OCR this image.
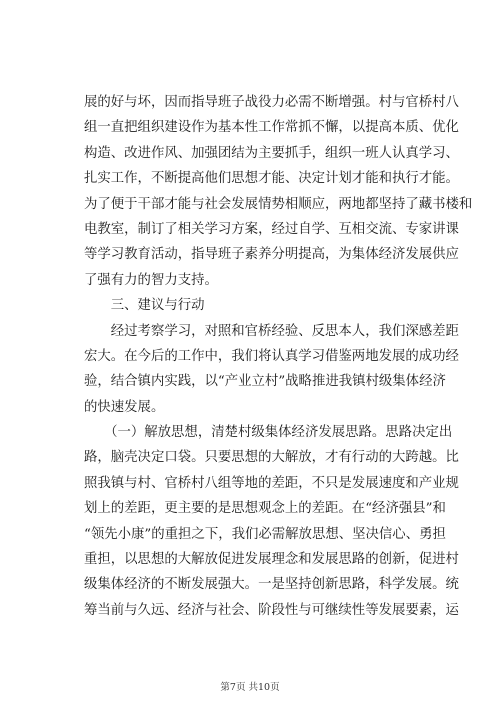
展的好与坏，因而指导班子战役力必需不断增强。村与官桥村八
组一直把组织建设作为基本性工作常抓不懈，以提高本质、优化
构造、改进作风、加强团结为主要抓手，组织一班人认真学习、
扎实工作，不断提高他们思想才能、决定计划才能和执行才能。
为了便于干部才能与社会发展情势相顺应，两地都坚持了藏书楼和
电教室，制订了相关学习方案，经过自学、互相交流、专家讲课
等学习教育活动，指导班子素养分明提高，为集体经济发展供应
了强有力的智力支持。
　　三、建议与行动
　　经过考察学习，对照和官桥经验、反思本人，我们深感差距
宏大。在今后的工作中，我们将认真学习借鉴两地发展的成功经
验，结合镇内实践，以“产业立村”战略推进我镇村级集体经济
的快速发展。
　　（一）解放思想，清楚村级集体经济发展思路。思路决定出
路，脑壳决定口袋。只要思想的大解放，才有行动的大跨越。比
照我镇与村、官桥村八组等地的差距，不只是发展速度和产业规
划上的差距，更主要的是思想观念上的差距。在“经济强县”和
“领先小康”的重担之下，我们必需解放思想、坚决信心、勇担
重担，以思想的大解放促进发展理念和发展思路的创新，促进村
级集体经济的不断发展强大。一是坚持创新思路，科学发展。统
筹当前与久远、经济与社会、阶段性与可继续性等发展要素，运
第7页 共10页
